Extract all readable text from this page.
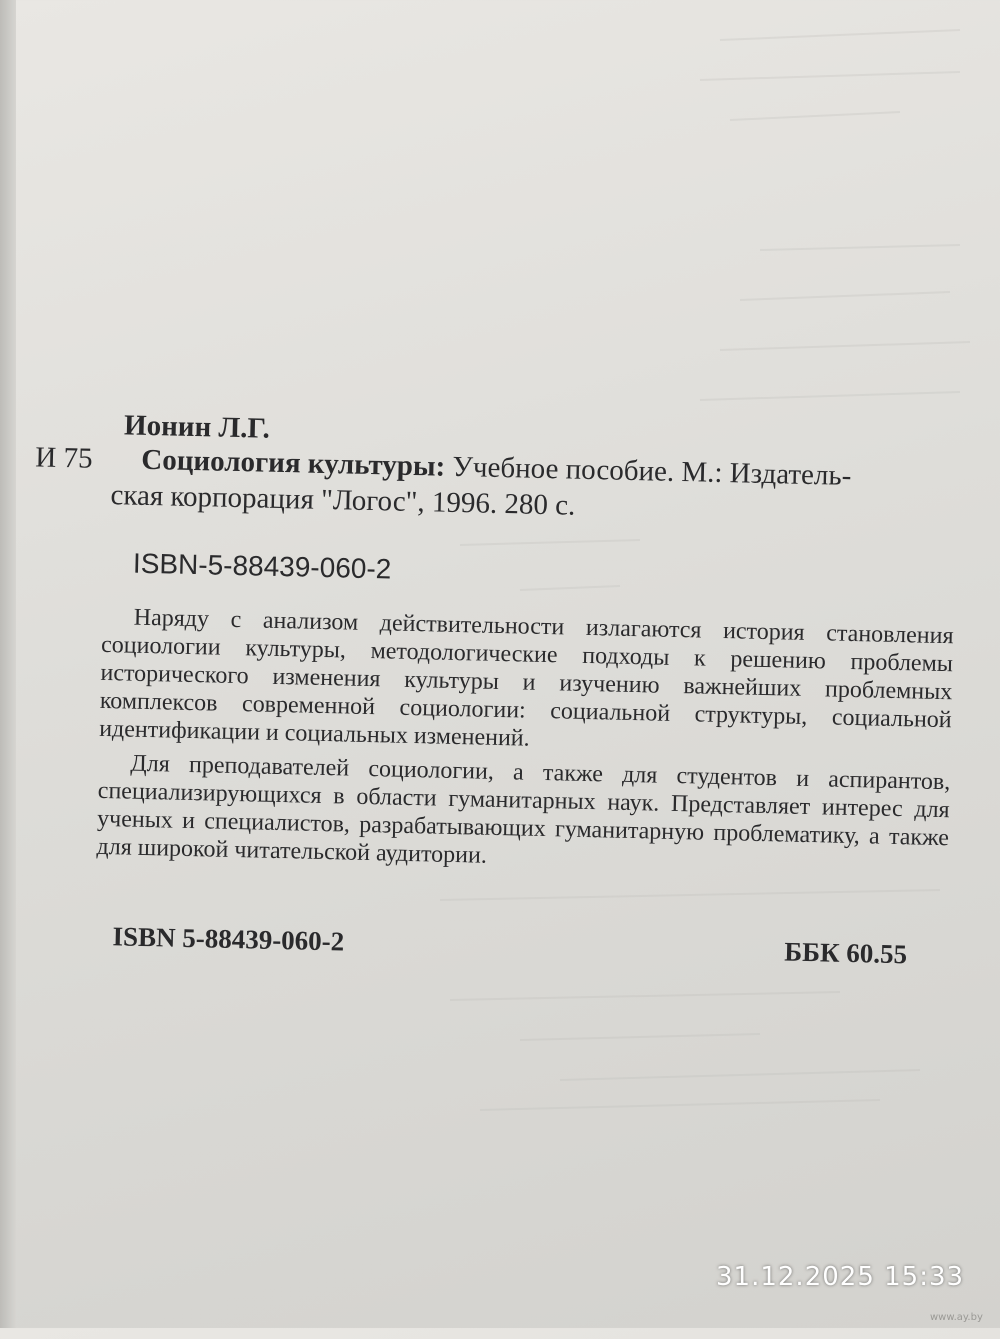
Ионин Л.Г.
И 75 Социология культуры: Учебное пособие. М.: Издатель-
ская корпорация "Логос", 1996. 280 с.
ISBN-5-88439-060-2
Наряду с анализом действительности излагаются история становления социологии культуры, методологические подходы к решению проблемы исторического изменения культуры и изучению важнейших проблемных комплексов современной социологии: социальной структуры, социальной идентификации и социальных изменений.
Для преподавателей социологии, а также для студентов и аспирантов, специализирующихся в области гуманитарных наук. Представляет интерес для ученых и специалистов, разрабатывающих гуманитарную проблематику, а также для широкой читательской аудитории.
ISBN 5-88439-060-2	ББК 60.55
31.12.2025 15:33
www.ay.by
